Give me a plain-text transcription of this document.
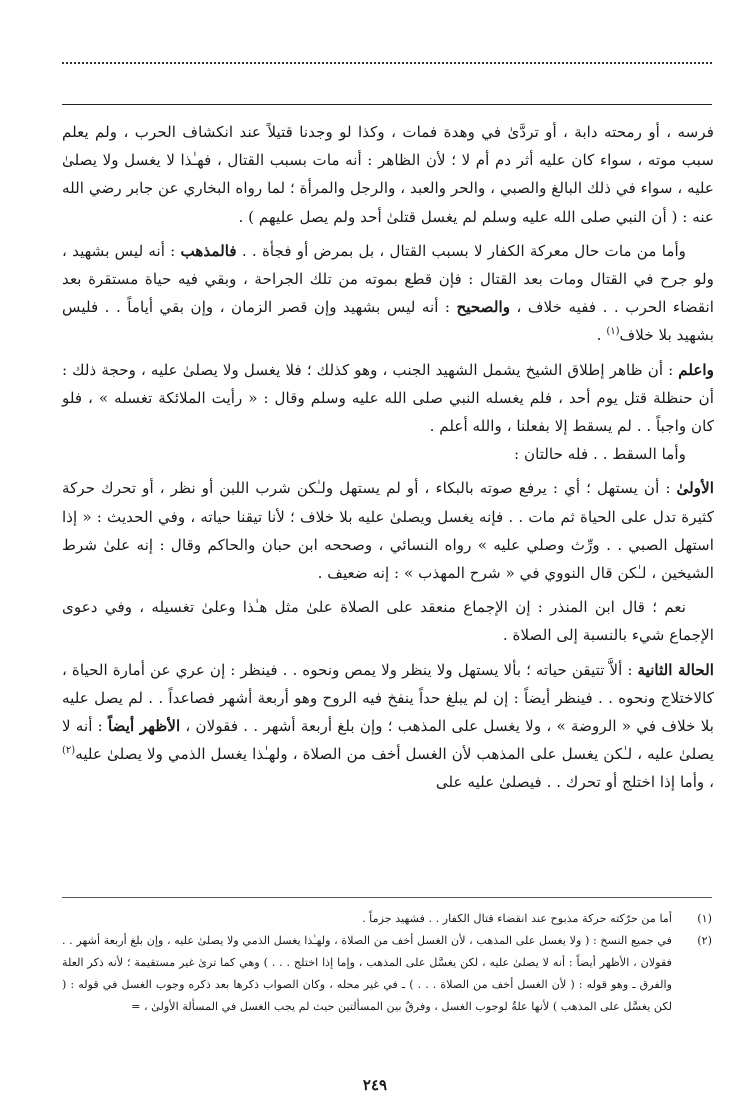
فرسه ، أو رمحته دابة ، أو تردَّىٰ في وهدة فمات ، وكذا لو وجدنا قتيلاً عند انكشاف الحرب ، ولم يعلم سبب موته ، سواء كان عليه أثر دم أم لا ؛ لأن الظاهر : أنه مات بسبب القتال ، فهـٰذا لا يغسل ولا يصلىٰ عليه ، سواء في ذلك البالغ والصبي ، والحر والعبد ، والرجل والمرأة ؛ لما رواه البخاري عن جابر رضي الله عنه : ( أن النبي صلى الله عليه وسلم لم يغسل قتلىٰ أحد ولم يصل عليهم ) .

وأما من مات حال معركة الكفار لا بسبب القتال ، بل بمرض أو فجأة . . فالمذهب : أنه ليس بشهيد ، ولو جرح في القتال ومات بعد القتال : فإن قطع بموته من تلك الجراحة ، وبقي فيه حياة مستقرة بعد انقضاء الحرب . . ففيه خلاف ، والصحيح : أنه ليس بشهيد وإن قصر الزمان ، وإن بقي أياماً . . فليس بشهيد بلا خلاف$^{(١)}$ .

واعلم : أن ظاهر إطلاق الشيخ يشمل الشهيد الجنب ، وهو كذلك ؛ فلا يغسل ولا يصلىٰ عليه ، وحجة ذلك : أن حنظلة قتل يوم أحد ، فلم يغسله النبي صلى الله عليه وسلم وقال : « رأيت الملائكة تغسله » ، فلو كان واجباً . . لم يسقط إلا بفعلنا ، والله أعلم .

وأما السقط . . فله حالتان :

الأولىٰ : أن يستهل ؛ أي : يرفع صوته بالبكاء ، أو لم يستهل ولـٰكن شرب اللبن أو نظر ، أو تحرك حركة كثيرة تدل على الحياة ثم مات . . فإنه يغسل ويصلىٰ عليه بلا خلاف ؛ لأنا تيقنا حياته ، وفي الحديث : « إذا استهل الصبي . . ورِّث وصلي عليه » رواه النسائي ، وصححه ابن حبان والحاكم وقال : إنه علىٰ شرط الشيخين ، لـٰكن قال النووي في « شرح المهذب » : إنه ضعيف .

نعم ؛ قال ابن المنذر : إن الإجماع منعقد على الصلاة علىٰ مثل هـٰذا وعلىٰ تغسيله ، وفي دعوى الإجماع شيء بالنسبة إلى الصلاة .

الحالة الثانية : ألاَّ تتيقن حياته ؛ بألا يستهل ولا ينظر ولا يمص ونحوه . . فينظر : إن عري عن أمارة الحياة ، كالاختلاج ونحوه . . فينظر أيضاً : إن لم يبلغ حداً ينفخ فيه الروح وهو أربعة أشهر فصاعداً . . لم يصل عليه بلا خلاف في « الروضة » ، ولا يغسل على المذهب ؛ وإن بلغ أربعة أشهر . . فقولان ، الأظهر أيضاً : أنه لا يصلىٰ عليه ، لـٰكن يغسل على المذهب لأن الغسل أخف من الصلاة ، ولهـٰذا يغسل الذمي ولا يصلىٰ عليه$^{(٢)}$ ، وأما إذا اختلج أو تحرك . . فيصلىٰ عليه على

(١)
أما من حرّكته حركة مذبوح عند انقضاء قتال الكفار . . فشهيد جزماً .
(٢)
في جميع النسخ : ( ولا يغسل على المذهب ، لأن الغسل أخف من الصلاة ، ولهـٰذا يغسل الذمي ولا يصلىٰ عليه ، وإن بلغ أربعة أشهر . . فقولان ، الأظهر أيضاً : أنه لا يصلىٰ عليه ، لكن يغسَّل على المذهب ، وإما إذا اختلج . . . ) وهي كما ترىٰ غير مستقيمة ؛ لأنه ذكر العلة والفرق ـ وهو قوله : ( لأن الغسل أخف من الصلاة . . . ) ـ في غير محله ، وكان الصواب ذكرها بعد ذكره وجوب الغسل في قوله : ( لكن يغسَّل على المذهب ) لأنها علةٌ لوجوب الغسل ، وفرقٌ بين المسألتين حيث لم يجب الغسل في المسألة الأولىٰ ، =
٢٤٩
